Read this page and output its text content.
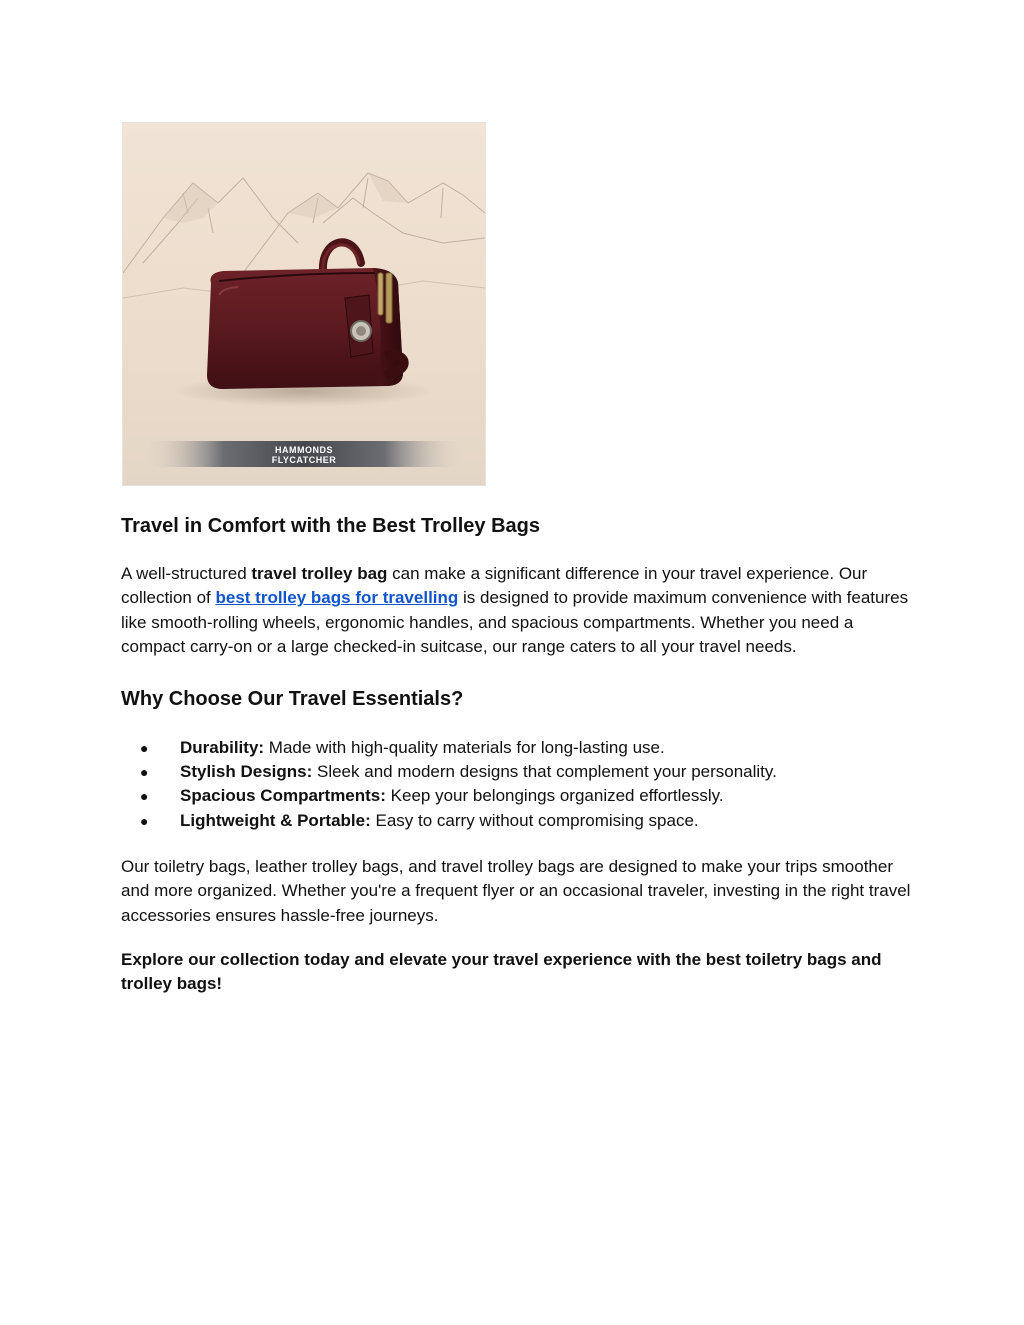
HAMMONDS
FLYCATCHER
Travel in Comfort with the Best Trolley Bags

A well-structured travel trolley bag can make a significant difference in your travel experience. Our collection of best trolley bags for travelling is designed to provide maximum convenience with features like smooth-rolling wheels, ergonomic handles, and spacious compartments. Whether you need a compact carry-on or a large checked-in suitcase, our range caters to all your travel needs.

Why Choose Our Travel Essentials?
● Durability: Made with high-quality materials for long-lasting use.
● Stylish Designs: Sleek and modern designs that complement your personality.
● Spacious Compartments: Keep your belongings organized effortlessly.
● Lightweight & Portable: Easy to carry without compromising space.

Our toiletry bags, leather trolley bags, and travel trolley bags are designed to make your trips smoother and more organized. Whether you're a frequent flyer or an occasional traveler, investing in the right travel accessories ensures hassle-free journeys.

Explore our collection today and elevate your travel experience with the best toiletry bags and trolley bags!
